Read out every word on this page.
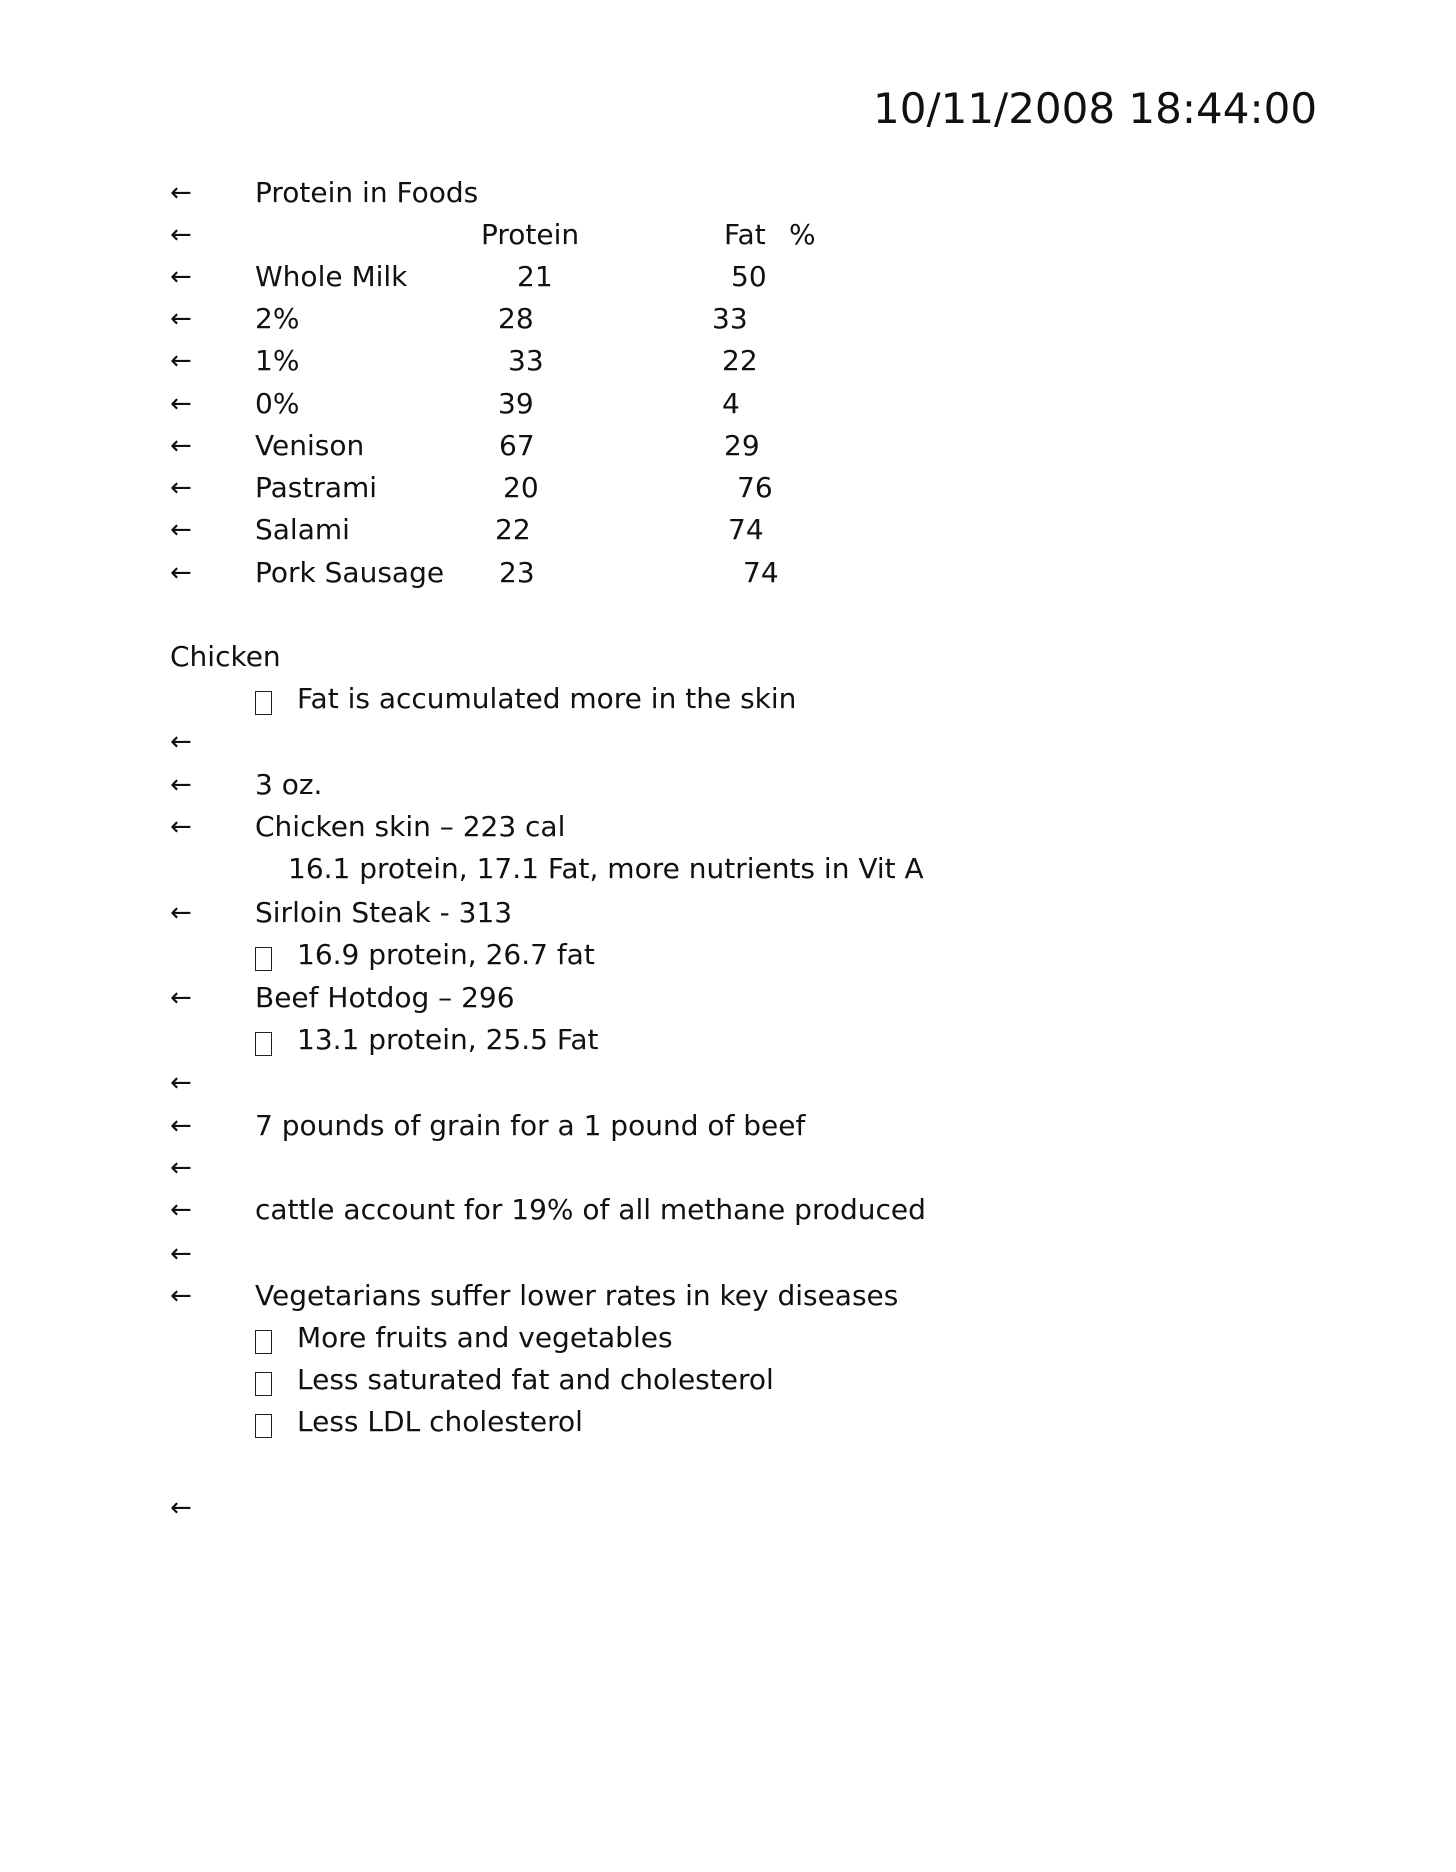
10/11/2008 18:44:00
← Protein in Foods
←	Protein	Fat %
← Whole Milk	21	50
← 2%	28	33
← 1%	33	22
← 0%	39	4
← Venison	67	29
← Pastrami	20	76
← Salami	22	74
← Pork Sausage 23	74
Chicken
Fat is accumulated more in the skin
←
← 3 oz.
← Chicken skin – 223 cal
16.1 protein, 17.1 Fat, more nutrients in Vit A
← Sirloin Steak - 313
16.9 protein, 26.7 fat
← Beef Hotdog – 296
13.1 protein, 25.5 Fat
←
← 7 pounds of grain for a 1 pound of beef
←
← cattle account for 19% of all methane produced
←
← Vegetarians suffer lower rates in key diseases
More fruits and vegetables
Less saturated fat and cholesterol
Less LDL cholesterol
←
